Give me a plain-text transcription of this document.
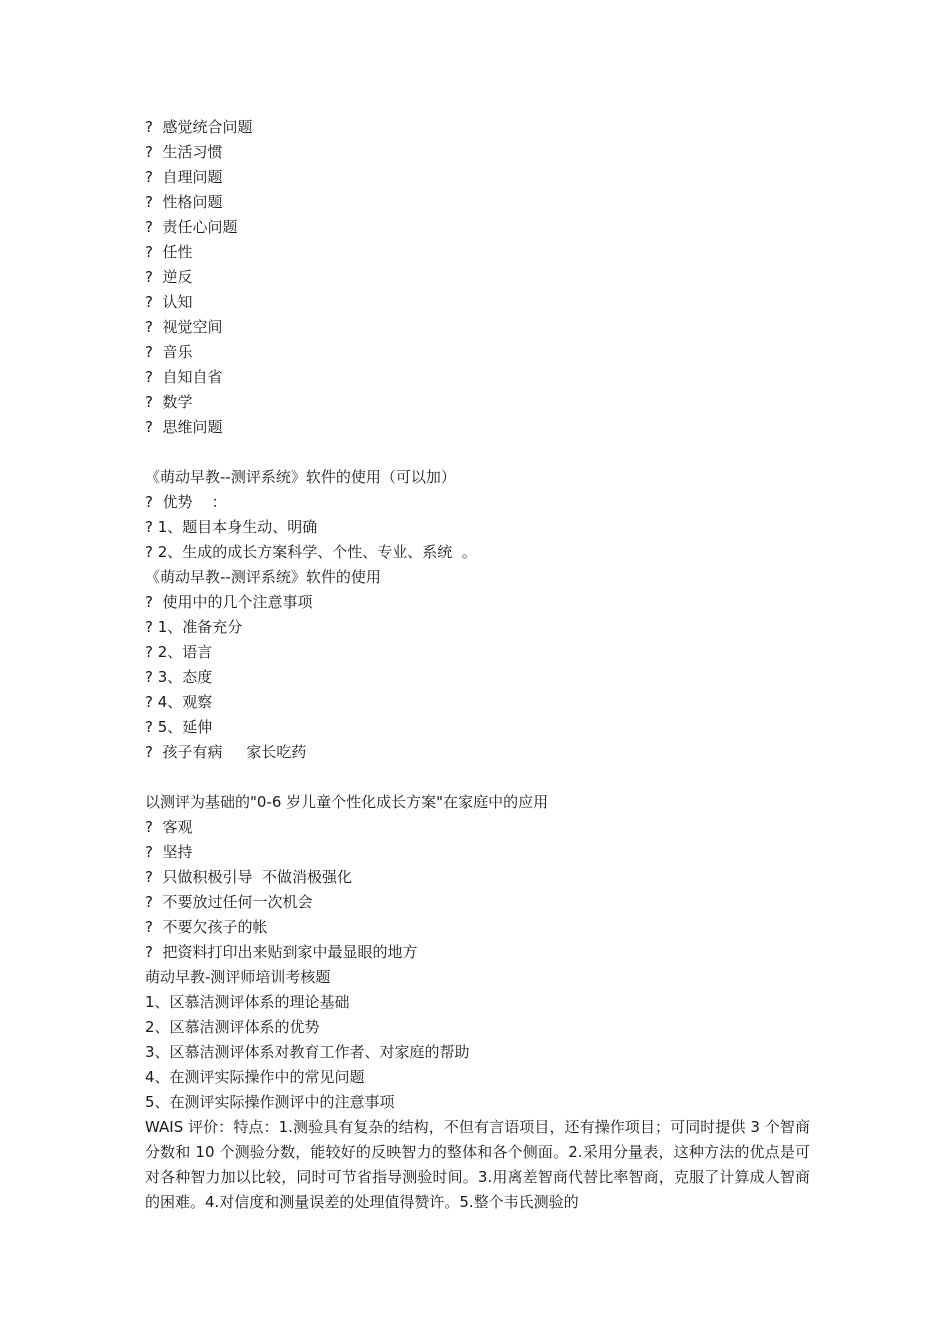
?  感觉统合问题
?  生活习惯
?  自理问题
?  性格问题
?  责任心问题
?  任性
?  逆反
?  认知
?  视觉空间
?  音乐
?  自知自省
?  数学
?  思维问题
《萌动早教--测评系统》软件的使用（可以加）
?  优势    ：
? 1、题目本身生动、明确
? 2、生成的成长方案科学、个性、专业、系统  。
《萌动早教--测评系统》软件的使用
?  使用中的几个注意事项
? 1、准备充分
? 2、语言
? 3、态度
? 4、观察
? 5、延伸
?  孩子有病     家长吃药
以测评为基础的"0-6 岁儿童个性化成长方案"在家庭中的应用
?  客观
?  坚持
?  只做积极引导  不做消极强化
?  不要放过任何一次机会
?  不要欠孩子的帐
?  把资料打印出来贴到家中最显眼的地方
萌动早教-测评师培训考核题
1、区慕洁测评体系的理论基础
2、区慕洁测评体系的优势
3、区慕洁测评体系对教育工作者、对家庭的帮助
4、在测评实际操作中的常见问题
5、在测评实际操作测评中的注意事项
WAIS 评价：特点：1.测验具有复杂的结构，不但有言语项目，还有操作项目；可同时提供 3 个智商分数和 10 个测验分数，能较好的反映智力的整体和各个侧面。2.采用分量表，这种方法的优点是可对各种智力加以比较，同时可节省指导测验时间。3.用离差智商代替比率智商，克服了计算成人智商的困难。4.对信度和测量误差的处理值得赞许。5.整个韦氏测验的
